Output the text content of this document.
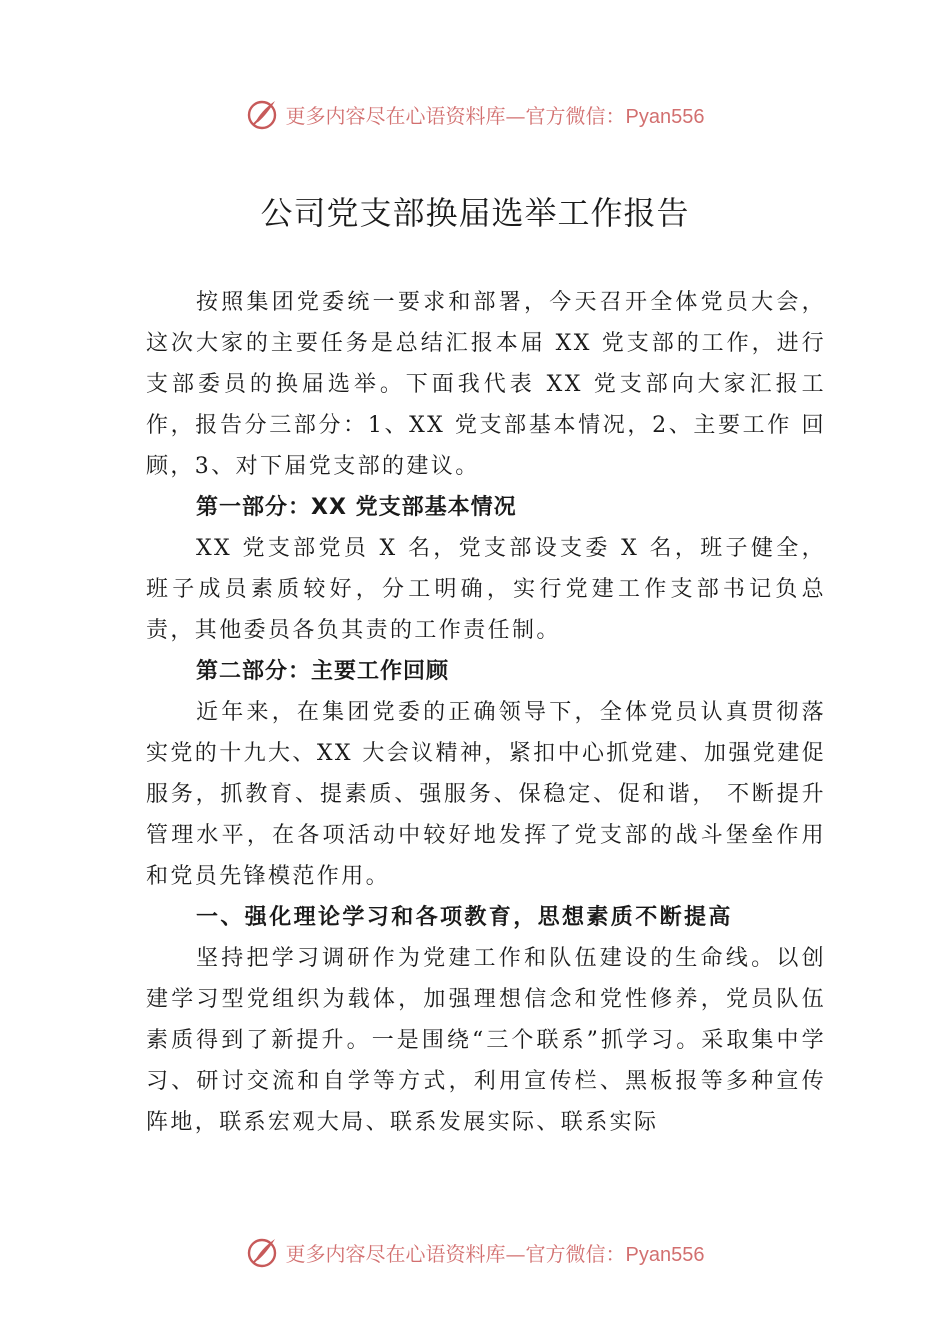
更多内容尽在心语资料库—官方微信：Pyan556
公司党支部换届选举工作报告

按照集团党委统一要求和部署，今天召开全体党员大会，这次大家的主要任务是总结汇报本届 XX 党支部的工作，进行支部委员的换届选举。下面我代表 XX 党支部向大家汇报工作，报告分三部分：1、XX 党支部基本情况，2、主要工作 回顾，3、对下届党支部的建议。

第一部分：XX 党支部基本情况

XX 党支部党员 X 名，党支部设支委 X 名，班子健全，班子成员素质较好，分工明确，实行党建工作支部书记负总责，其他委员各负其责的工作责任制。

第二部分：主要工作回顾

近年来，在集团党委的正确领导下，全体党员认真贯彻落实党的十九大、XX 大会议精神，紧扣中心抓党建、加强党建促服务，抓教育、提素质、强服务、保稳定、促和谐， 不断提升管理水平，在各项活动中较好地发挥了党支部的战斗堡垒作用和党员先锋模范作用。

一、强化理论学习和各项教育，思想素质不断提高

坚持把学习调研作为党建工作和队伍建设的生命线。以创建学习型党组织为载体，加强理想信念和党性修养，党员队伍素质得到了新提升。一是围绕“三个联系”抓学习。采取集中学习、研讨交流和自学等方式，利用宣传栏、黑板报等多种宣传阵地，联系宏观大局、联系发展实际、联系实际

更多内容尽在心语资料库—官方微信：Pyan556
